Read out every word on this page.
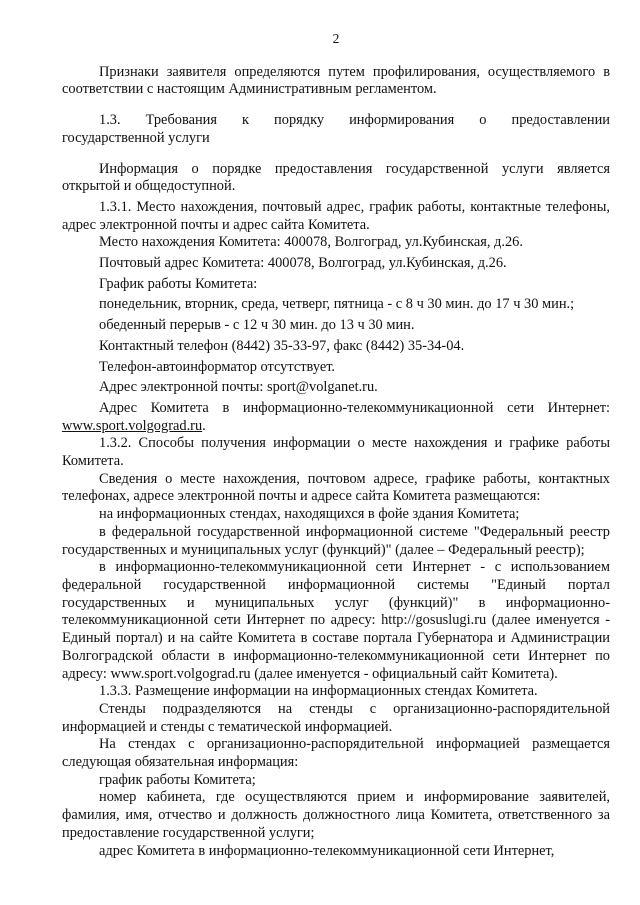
2

Признаки заявителя определяются путем профилирования, осуществляемого в соответствии с настоящим Административным регламентом.

1.3. Требования к порядку информирования о предоставлении

государственной услуги

Информация о порядке предоставления государственной услуги является открытой и общедоступной.

1.3.1. Место нахождения, почтовый адрес, график работы, контактные телефоны, адрес электронной почты и адрес сайта Комитета.

Место нахождения Комитета: 400078, Волгоград, ул.Кубинская, д.26.

Почтовый адрес Комитета: 400078, Волгоград, ул.Кубинская, д.26.

График работы Комитета:

понедельник, вторник, среда, четверг, пятница - с 8 ч 30 мин. до 17 ч 30 мин.;

обеденный перерыв - с 12 ч 30 мин. до 13 ч 30 мин.

Контактный телефон (8442) 35-33-97, факс (8442) 35-34-04.

Телефон-автоинформатор отсутствует.

Адрес электронной почты: sport@volganet.ru.

Адрес Комитета в информационно-телекоммуникационной сети Интернет: www.sport.volgograd.ru.

1.3.2. Способы получения информации о месте нахождения и графике работы Комитета.

Сведения о месте нахождения, почтовом адресе, графике работы, контактных телефонах, адресе электронной почты и адресе сайта Комитета размещаются:

на информационных стендах, находящихся в фойе здания Комитета;

в федеральной государственной информационной системе "Федеральный реестр государственных и муниципальных услуг (функций)" (далее – Федеральный реестр);

в информационно-телекоммуникационной сети Интернет - с использованием федеральной государственной информационной системы "Единый портал государственных и муниципальных услуг (функций)" в информационно-телекоммуникационной сети Интернет по адресу: http://gosuslugi.ru (далее именуется - Единый портал) и на сайте Комитета в составе портала Губернатора и Администрации Волгоградской области в информационно-телекоммуникационной сети Интернет по адресу: www.sport.volgograd.ru (далее именуется - официальный сайт Комитета).

1.3.3. Размещение информации на информационных стендах Комитета.

Стенды подразделяются на стенды с организационно-распорядительной информацией и стенды с тематической информацией.

На стендах с организационно-распорядительной информацией размещается следующая обязательная информация:

график работы Комитета;

номер кабинета, где осуществляются прием и информирование заявителей, фамилия, имя, отчество и должность должностного лица Комитета, ответственного за предоставление государственной услуги;

адрес Комитета в информационно-телекоммуникационной сети Интернет,
